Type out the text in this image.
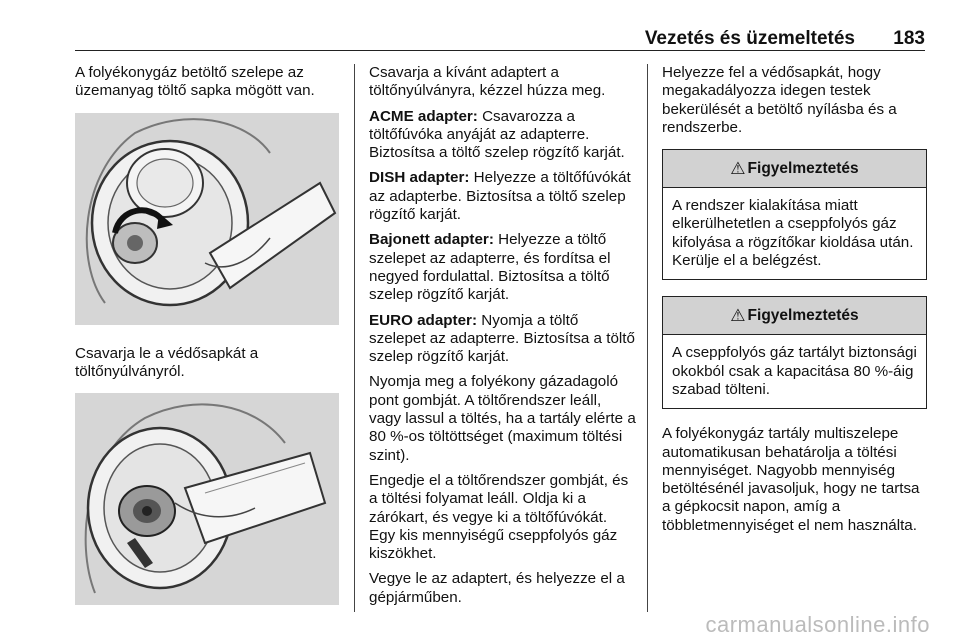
Vezetés és üzemeltetés 183

A folyékonygáz betöltő szelepe az üzemanyag töltő sapka mögött van.

Csavarja le a védősapkát a töltőnyúlványról.

Csavarja a kívánt adaptert a töltőnyúlványra, kézzel húzza meg.

ACME adapter: Csavarozza a töltőfúvóka anyáját az adapterre. Biztosítsa a töltő szelep rögzítő karját.

DISH adapter: Helyezze a töltőfúvókát az adapterbe. Biztosítsa a töltő szelep rögzítő karját.

Bajonett adapter: Helyezze a töltő szelepet az adapterre, és fordítsa el negyed fordulattal. Biztosítsa a töltő szelep rögzítő karját.

EURO adapter: Nyomja a töltő szelepet az adapterre. Biztosítsa a töltő szelep rögzítő karját.

Nyomja meg a folyékony gázadagoló pont gombját. A töltőrendszer leáll, vagy lassul a töltés, ha a tartály elérte a 80 %-os töltöttséget (maximum töltési szint).

Engedje el a töltőrendszer gombját, és a töltési folyamat leáll. Oldja ki a zárókart, és vegye ki a töltőfúvókát. Egy kis mennyiségű cseppfolyós gáz kiszökhet.

Vegye le az adaptert, és helyezze el a gépjárműben.

Helyezze fel a védősapkát, hogy megakadályozza idegen testek bekerülését a betöltő nyílásba és a rendszerbe.

⚠ Figyelmeztetés
A rendszer kialakítása miatt elkerülhetetlen a cseppfolyós gáz kifolyása a rögzítőkar kioldása után. Kerülje el a belégzést.
⚠ Figyelmeztetés
A cseppfolyós gáz tartályt biztonsági okokból csak a kapacitása 80 %-áig szabad tölteni.

A folyékonygáz tartály multiszelepe automatikusan behatárolja a töltési mennyiséget. Nagyobb mennyiség betöltésénél javasoljuk, hogy ne tartsa a gépkocsit napon, amíg a többletmennyiséget el nem használta.

carmanualsonline.info
